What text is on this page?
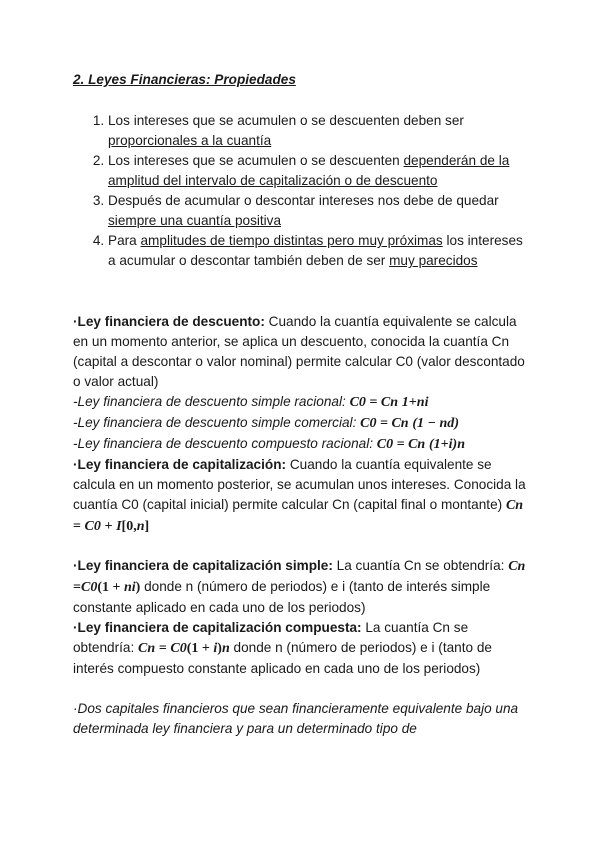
2. Leyes Financieras: Propiedades

1. Los intereses que se acumulen o se descuenten deben ser proporcionales a la cuantía
2. Los intereses que se acumulen o se descuenten dependerán de la amplitud del intervalo de capitalización o de descuento
3. Después de acumular o descontar intereses nos debe de quedar siempre una cuantía positiva
4. Para amplitudes de tiempo distintas pero muy próximas los intereses a acumular o descontar también deben de ser muy parecidos

·Ley financiera de descuento: Cuando la cuantía equivalente se calcula en un momento anterior, se aplica un descuento, conocida la cuantía Cn (capital a descontar o valor nominal) permite calcular C0 (valor descontado o valor actual)

-Ley financiera de descuento simple racional: C0 = Cn 1+ni

-Ley financiera de descuento simple comercial: C0 = Cn (1 − nd)

-Ley financiera de descuento compuesto racional: C0 = Cn (1+i)n

·Ley financiera de capitalización: Cuando la cuantía equivalente se calcula en un momento posterior, se acumulan unos intereses. Conocida la cuantía C0 (capital inicial) permite calcular Cn (capital final o montante) Cn = C0 + I[0,n]

·Ley financiera de capitalización simple: La cuantía Cn se obtendría: Cn =C0(1 + ni) donde n (número de periodos) e i (tanto de interés simple constante aplicado en cada uno de los periodos)

·Ley financiera de capitalización compuesta: La cuantía Cn se obtendría: Cn = C0(1 + i)n donde n (número de periodos) e i (tanto de interés compuesto constante aplicado en cada uno de los periodos)

·Dos capitales financieros que sean financieramente equivalente bajo una determinada ley financiera y para un determinado tipo de
